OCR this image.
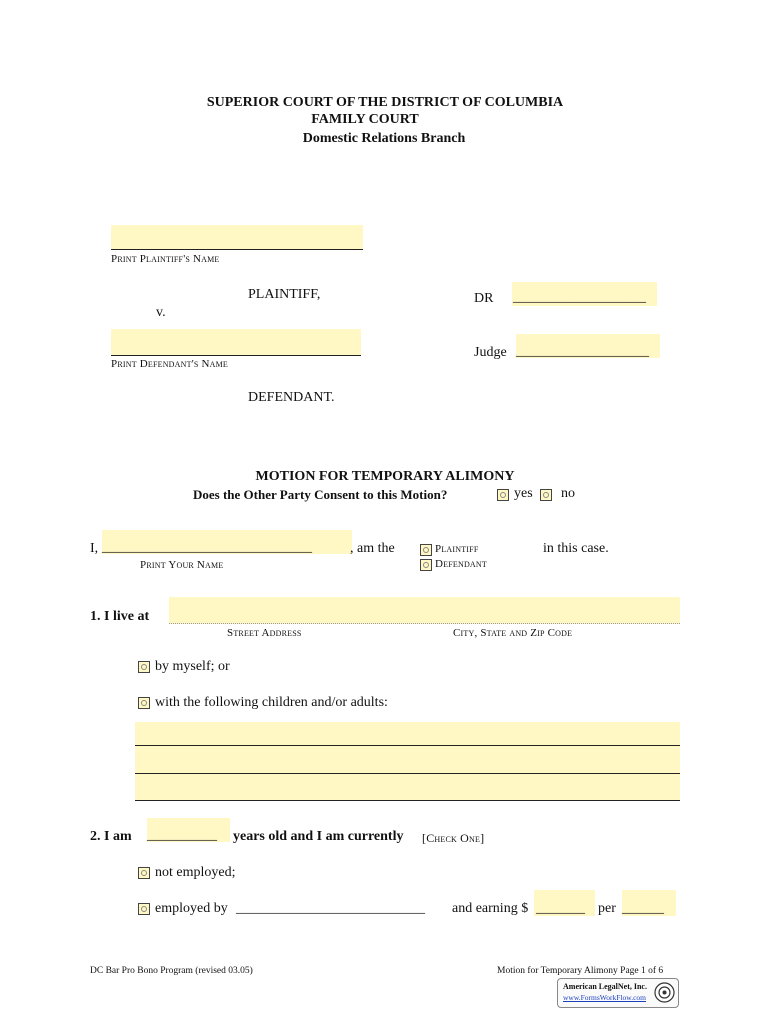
SUPERIOR COURT OF THE DISTRICT OF COLUMBIA
FAMILY COURT
Domestic Relations Branch
Print Plaintiff's Name
PLAINTIFF,
v.
DR ___________________
Print Defendant's Name
Judge ___________________
DEFENDANT.
MOTION FOR TEMPORARY ALIMONY
Does the Other Party Consent to this Motion?	yes no
I, ______________________________	, am the
Print Your Name
Plaintiff
Defendant
in this case.
1. I live at
Street Address	City, State and Zip Code
by myself; or
with the following children and/or adults:
2. I am __________ years old and I am currently [Check One]
not employed;
employed by ___________________________ and earning $ _______ per ______
DC Bar Pro Bono Program (revised 03.05)	Motion for Temporary Alimony Page 1 of 6
American LegalNet, Inc.
www.FormsWorkFlow.com
